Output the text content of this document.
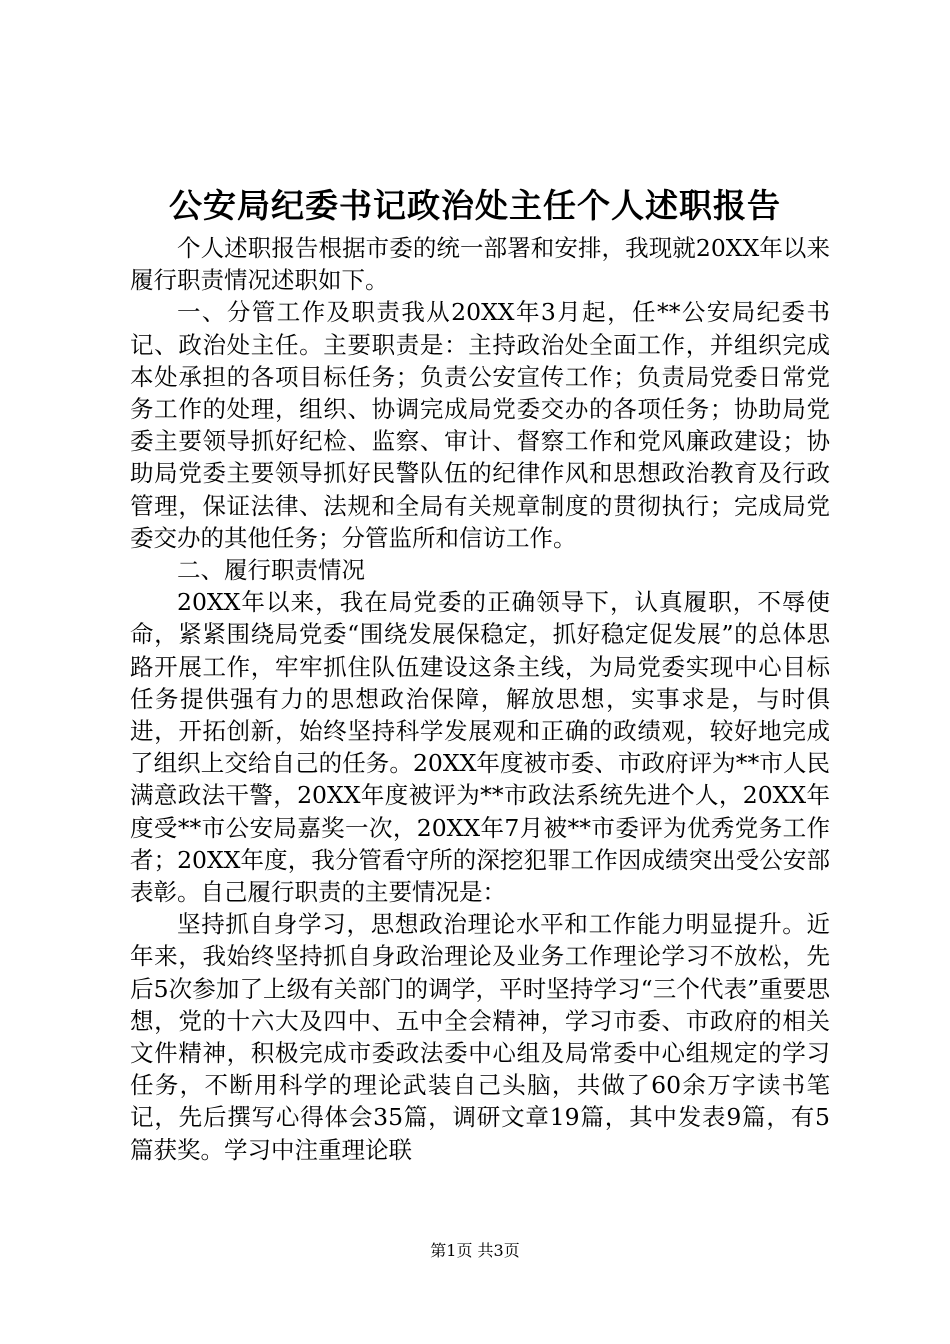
公安局纪委书记政治处主任个人述职报告

个人述职报告根据市委的统一部署和安排，我现就20XX年以来履行职责情况述职如下。

一、分管工作及职责我从20XX年3月起，任**公安局纪委书记、政治处主任。主要职责是：主持政治处全面工作，并组织完成本处承担的各项目标任务；负责公安宣传工作；负责局党委日常党务工作的处理，组织、协调完成局党委交办的各项任务；协助局党委主要领导抓好纪检、监察、审计、督察工作和党风廉政建设；协助局党委主要领导抓好民警队伍的纪律作风和思想政治教育及行政管理，保证法律、法规和全局有关规章制度的贯彻执行；完成局党委交办的其他任务；分管监所和信访工作。

二、履行职责情况

20XX年以来，我在局党委的正确领导下，认真履职，不辱使命，紧紧围绕局党委“围绕发展保稳定，抓好稳定促发展”的总体思路开展工作，牢牢抓住队伍建设这条主线，为局党委实现中心目标任务提供强有力的思想政治保障，解放思想，实事求是，与时俱进，开拓创新，始终坚持科学发展观和正确的政绩观，较好地完成了组织上交给自己的任务。20XX年度被市委、市政府评为**市人民满意政法干警，20XX年度被评为**市政法系统先进个人，20XX年度受**市公安局嘉奖一次，20XX年7月被**市委评为优秀党务工作者；20XX年度，我分管看守所的深挖犯罪工作因成绩突出受公安部表彰。自己履行职责的主要情况是：

坚持抓自身学习，思想政治理论水平和工作能力明显提升。近年来，我始终坚持抓自身政治理论及业务工作理论学习不放松，先后5次参加了上级有关部门的调学，平时坚持学习“三个代表”重要思想，党的十六大及四中、五中全会精神，学习市委、市政府的相关文件精神，积极完成市委政法委中心组及局常委中心组规定的学习任务，不断用科学的理论武装自己头脑，共做了60余万字读书笔记，先后撰写心得体会35篇，调研文章19篇，其中发表9篇，有5篇获奖。学习中注重理论联

第1页 共3页
